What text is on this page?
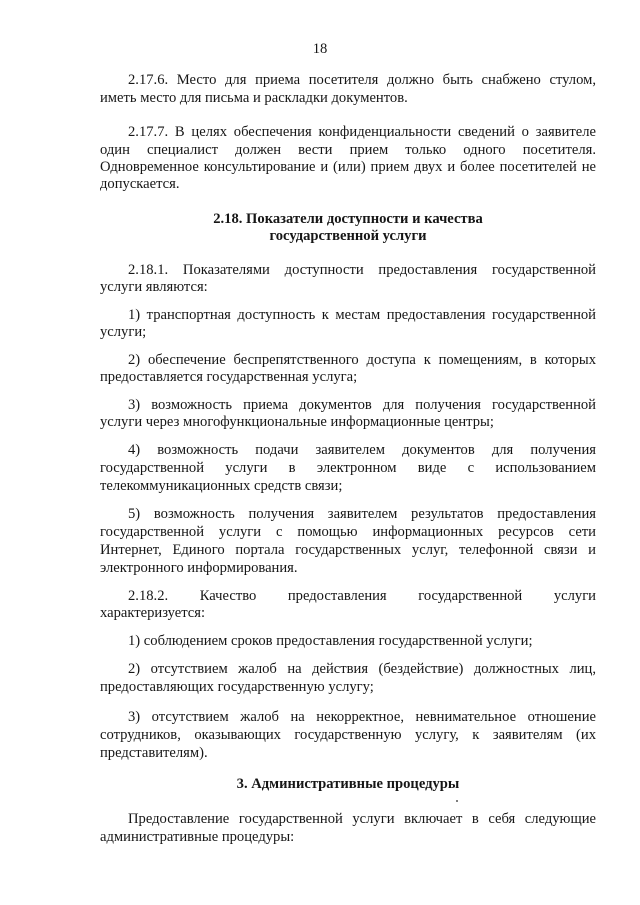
18

2.17.6. Место для приема посетителя должно быть снабжено стулом,

иметь место для письма и раскладки документов.

2.17.7. В целях обеспечения конфиденциальности сведений о заявителе

один специалист должен вести прием только одного посетителя.

Одновременное консультирование и (или) прием двух и более посетителей не

допускается.

2.18. Показатели доступности и качества

государственной услуги

2.18.1. Показателями доступности предоставления государственной

услуги являются:

1) транспортная доступность к местам предоставления государственной

услуги;

2) обеспечение беспрепятственного доступа к помещениям, в которых

предоставляется государственная услуга;

3) возможность приема документов для получения государственной

услуги через многофункциональные информационные центры;

4) возможность подачи заявителем документов для получения

государственной услуги в электронном виде с использованием

телекоммуникационных средств связи;

5) возможность получения заявителем результатов предоставления

государственной услуги с помощью информационных ресурсов сети

Интернет, Единого портала государственных услуг, телефонной связи и

электронного информирования.

2.18.2. Качество предоставления государственной услуги

характеризуется:

1) соблюдением сроков предоставления государственной услуги;

2) отсутствием жалоб на действия (бездействие) должностных лиц,

предоставляющих государственную услугу;

3) отсутствием жалоб на некорректное, невнимательное отношение

сотрудников, оказывающих государственную услугу, к заявителям (их

представителям).

3. Административные процедуры

Предоставление государственной услуги включает в себя следующие

административные процедуры:
